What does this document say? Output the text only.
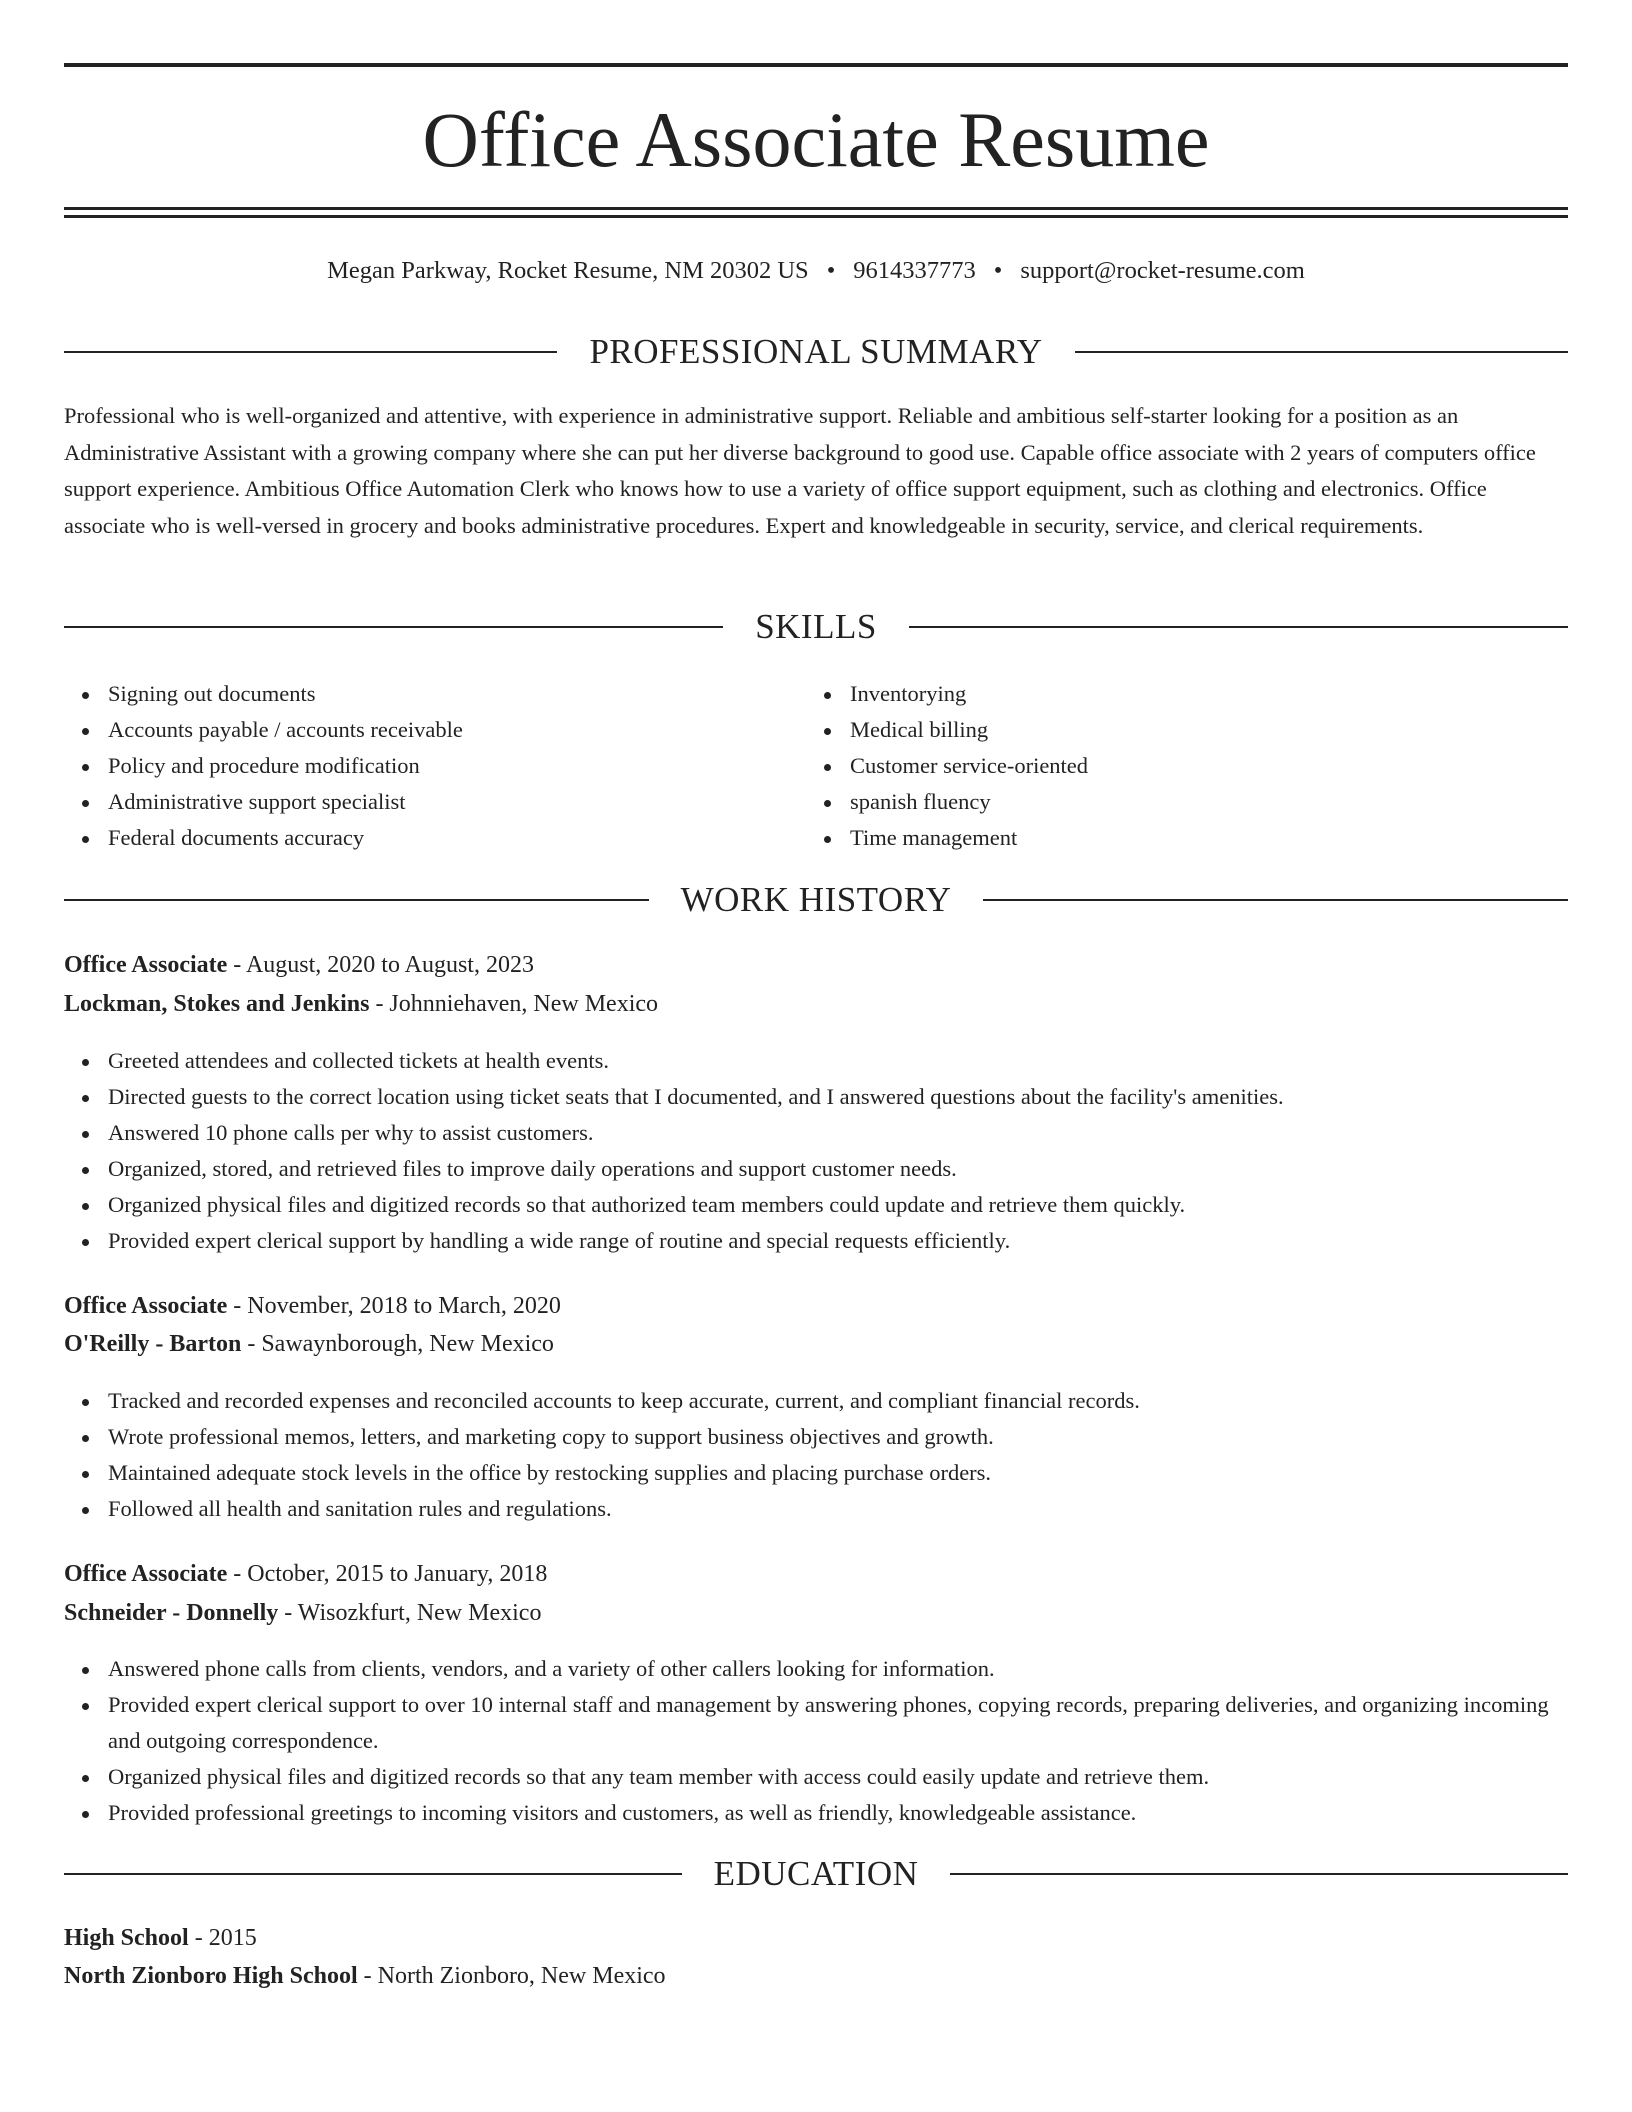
Office Associate Resume
Megan Parkway, Rocket Resume, NM 20302 US • 9614337773 • support@rocket-resume.com
PROFESSIONAL SUMMARY

Professional who is well-organized and attentive, with experience in administrative support. Reliable and ambitious self-starter looking for a position as an Administrative Assistant with a growing company where she can put her diverse background to good use. Capable office associate with 2 years of computers office support experience. Ambitious Office Automation Clerk who knows how to use a variety of office support equipment, such as clothing and electronics. Office associate who is well-versed in grocery and books administrative procedures. Expert and knowledgeable in security, service, and clerical requirements.

SKILLS
Signing out documents
Accounts payable / accounts receivable
Policy and procedure modification
Administrative support specialist
Federal documents accuracy
Inventorying
Medical billing
Customer service-oriented
spanish fluency
Time management
WORK HISTORY
Office Associate - August, 2020 to August, 2023
Lockman, Stokes and Jenkins - Johnniehaven, New Mexico
Greeted attendees and collected tickets at health events.
Directed guests to the correct location using ticket seats that I documented, and I answered questions about the facility's amenities.
Answered 10 phone calls per why to assist customers.
Organized, stored, and retrieved files to improve daily operations and support customer needs.
Organized physical files and digitized records so that authorized team members could update and retrieve them quickly.
Provided expert clerical support by handling a wide range of routine and special requests efficiently.
Office Associate - November, 2018 to March, 2020
O'Reilly - Barton - Sawaynborough, New Mexico
Tracked and recorded expenses and reconciled accounts to keep accurate, current, and compliant financial records.
Wrote professional memos, letters, and marketing copy to support business objectives and growth.
Maintained adequate stock levels in the office by restocking supplies and placing purchase orders.
Followed all health and sanitation rules and regulations.
Office Associate - October, 2015 to January, 2018
Schneider - Donnelly - Wisozkfurt, New Mexico
Answered phone calls from clients, vendors, and a variety of other callers looking for information.
Provided expert clerical support to over 10 internal staff and management by answering phones, copying records, preparing deliveries, and organizing incoming and outgoing correspondence.
Organized physical files and digitized records so that any team member with access could easily update and retrieve them.
Provided professional greetings to incoming visitors and customers, as well as friendly, knowledgeable assistance.
EDUCATION
High School - 2015
North Zionboro High School - North Zionboro, New Mexico
